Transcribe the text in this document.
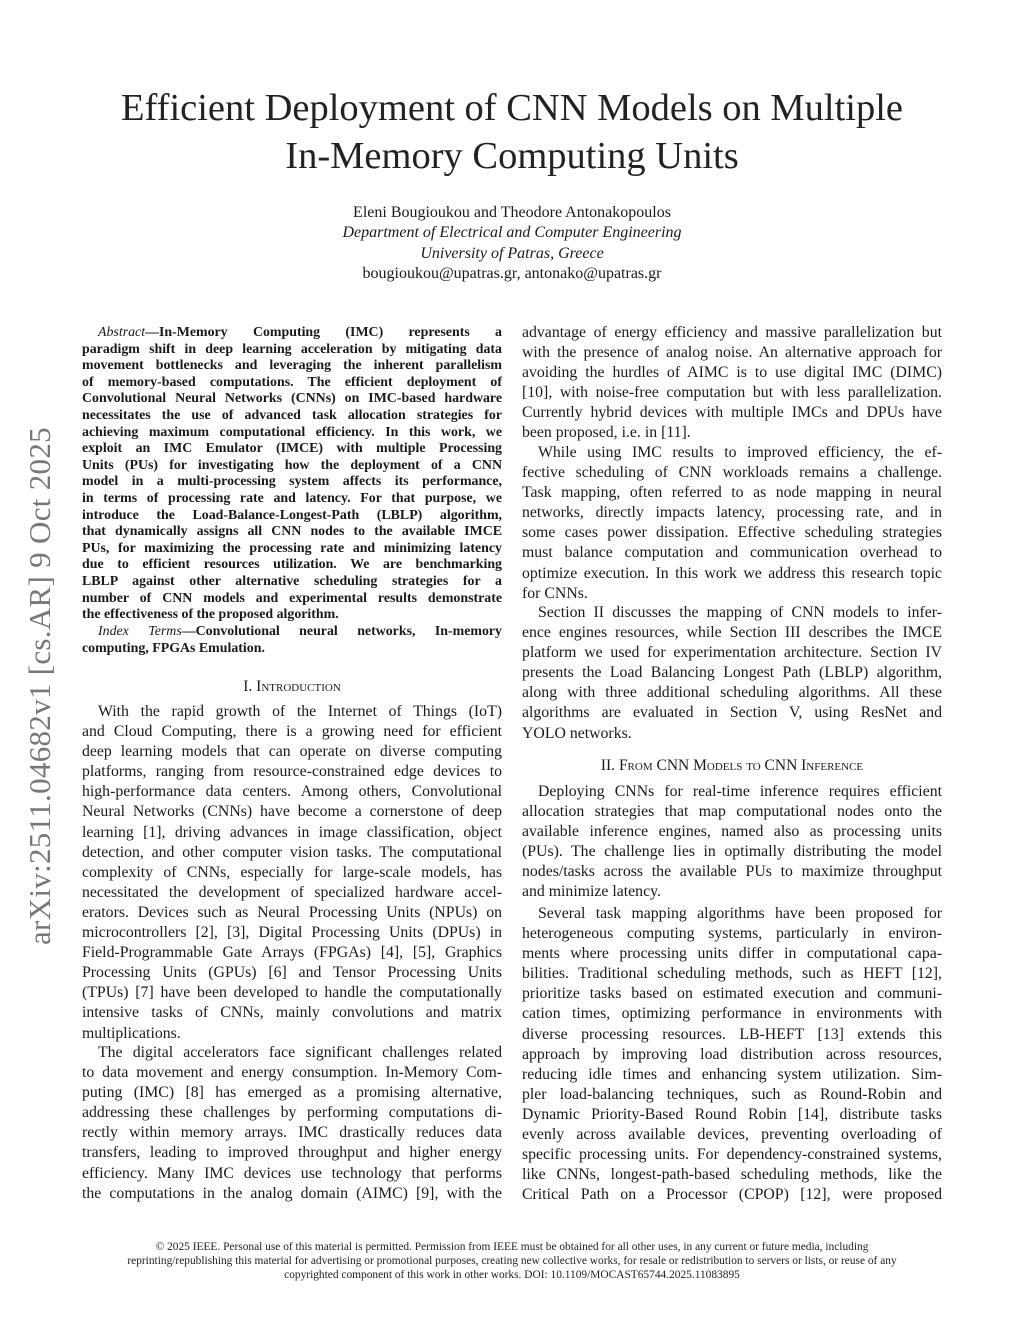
Efficient Deployment of CNN Models on Multiple
In-Memory Computing Units
Eleni Bougioukou and Theodore Antonakopoulos
Department of Electrical and Computer Engineering
University of Patras, Greece
bougioukou@upatras.gr, antonako@upatras.gr
arXiv:2511.04682v1 [cs.AR] 9 Oct 2025
Abstract—In-Memory Computing (IMC) represents a
paradigm shift in deep learning acceleration by mitigating data
movement bottlenecks and leveraging the inherent parallelism
of memory-based computations. The efficient deployment of
Convolutional Neural Networks (CNNs) on IMC-based hardware
necessitates the use of advanced task allocation strategies for
achieving maximum computational efficiency. In this work, we
exploit an IMC Emulator (IMCE) with multiple Processing
Units (PUs) for investigating how the deployment of a CNN
model in a multi-processing system affects its performance,
in terms of processing rate and latency. For that purpose, we
introduce the Load-Balance-Longest-Path (LBLP) algorithm,
that dynamically assigns all CNN nodes to the available IMCE
PUs, for maximizing the processing rate and minimizing latency
due to efficient resources utilization. We are benchmarking
LBLP against other alternative scheduling strategies for a
number of CNN models and experimental results demonstrate
the effectiveness of the proposed algorithm.
Index Terms—Convolutional neural networks, In-memory
computing, FPGAs Emulation.
I. Introduction
With the rapid growth of the Internet of Things (IoT)
and Cloud Computing, there is a growing need for efficient
deep learning models that can operate on diverse computing
platforms, ranging from resource-constrained edge devices to
high-performance data centers. Among others, Convolutional
Neural Networks (CNNs) have become a cornerstone of deep
learning [1], driving advances in image classification, object
detection, and other computer vision tasks. The computational
complexity of CNNs, especially for large-scale models, has
necessitated the development of specialized hardware accel-
erators. Devices such as Neural Processing Units (NPUs) on
microcontrollers [2], [3], Digital Processing Units (DPUs) in
Field-Programmable Gate Arrays (FPGAs) [4], [5], Graphics
Processing Units (GPUs) [6] and Tensor Processing Units
(TPUs) [7] have been developed to handle the computationally
intensive tasks of CNNs, mainly convolutions and matrix
multiplications.
The digital accelerators face significant challenges related
to data movement and energy consumption. In-Memory Com-
puting (IMC) [8] has emerged as a promising alternative,
addressing these challenges by performing computations di-
rectly within memory arrays. IMC drastically reduces data
transfers, leading to improved throughput and higher energy
efficiency. Many IMC devices use technology that performs
the computations in the analog domain (AIMC) [9], with the
advantage of energy efficiency and massive parallelization but
with the presence of analog noise. An alternative approach for
avoiding the hurdles of AIMC is to use digital IMC (DIMC)
[10], with noise-free computation but with less parallelization.
Currently hybrid devices with multiple IMCs and DPUs have
been proposed, i.e. in [11].
While using IMC results to improved efficiency, the ef-
fective scheduling of CNN workloads remains a challenge.
Task mapping, often referred to as node mapping in neural
networks, directly impacts latency, processing rate, and in
some cases power dissipation. Effective scheduling strategies
must balance computation and communication overhead to
optimize execution. In this work we address this research topic
for CNNs.
Section II discusses the mapping of CNN models to infer-
ence engines resources, while Section III describes the IMCE
platform we used for experimentation architecture. Section IV
presents the Load Balancing Longest Path (LBLP) algorithm,
along with three additional scheduling algorithms. All these
algorithms are evaluated in Section V, using ResNet and
YOLO networks.
II. From CNN Models to CNN Inference
Deploying CNNs for real-time inference requires efficient
allocation strategies that map computational nodes onto the
available inference engines, named also as processing units
(PUs). The challenge lies in optimally distributing the model
nodes/tasks across the available PUs to maximize throughput
and minimize latency.
Several task mapping algorithms have been proposed for
heterogeneous computing systems, particularly in environ-
ments where processing units differ in computational capa-
bilities. Traditional scheduling methods, such as HEFT [12],
prioritize tasks based on estimated execution and communi-
cation times, optimizing performance in environments with
diverse processing resources. LB-HEFT [13] extends this
approach by improving load distribution across resources,
reducing idle times and enhancing system utilization. Sim-
pler load-balancing techniques, such as Round-Robin and
Dynamic Priority-Based Round Robin [14], distribute tasks
evenly across available devices, preventing overloading of
specific processing units. For dependency-constrained systems,
like CNNs, longest-path-based scheduling methods, like the
Critical Path on a Processor (CPOP) [12], were proposed
© 2025 IEEE. Personal use of this material is permitted. Permission from IEEE must be obtained for all other uses, in any current or future media, including
reprinting/republishing this material for advertising or promotional purposes, creating new collective works, for resale or redistribution to servers or lists, or reuse of any
copyrighted component of this work in other works. DOI: 10.1109/MOCAST65744.2025.11083895
